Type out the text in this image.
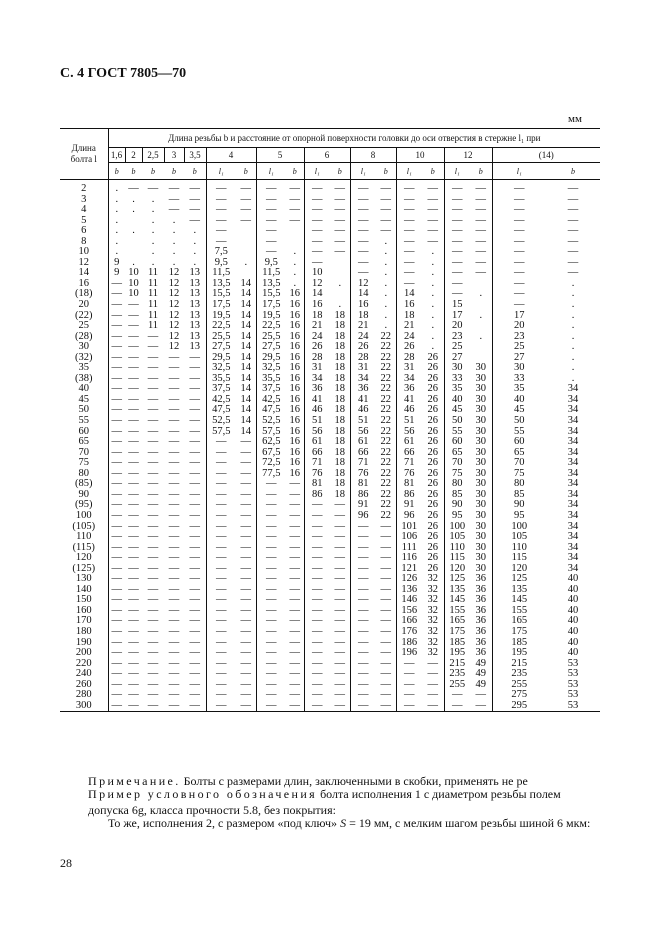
С. 4 ГОСТ 7805—70
мм
Длина
болта l	Длина резьбы b и расстояние от опорной поверхности головки до оси отверстия в стержне l₁ при																		
	1,6	2	2,5	3	3,5	4		5		6		8		10		12		(14)	
	b	b	b	b	b	l₁	b	l₁	b	l₁	b	l₁	b	l₁	b	l₁	b	l₁	b
2	.	—	—	—	—	—	—	—	—	—	—	—	—	—	—	—	—	—	—
3	.	.	.	—	—	—	—	—	—	—	—	—	—	—	—	—	—	—	—
4	.	.	.	—	—	—	—	—	—	—	—	—	—	—	—	—	—	—	—
5	.		.	.	—	—	—	—	—	—	—	—	—	—	—	—	—	—	—
6	.	.	.	.	.	—		—		—	—	—	—	—	—	—	—	—	—
8	.		.	.	.	—		—		—	—	—	.	—	—	—	—	—	—
10	.		.	.	.	7,5		—	.	—	—	—	.	—	.	—	—	—	—
12	9	.	.	.	.	9,5	.	9,5	.	—		—	.	—	.	—	—	—	—
14	9	10	11	12	13	11,5		11,5	.	10		—	.	—	.	—	—	—	—
16	—	10	11	12	13	13,5	14	13,5	.	12	.	12	.	—	.	—		—	.
(18)	—	10	11	12	13	15,5	14	15,5	16	14		14	.	14	.	—	.	—	.
20	—	—	11	12	13	17,5	14	17,5	16	16	.	16	.	16	.	15		—	.
(22)	—	—	11	12	13	19,5	14	19,5	16	18	18	18	.	18	.	17	.	17	.
25	—	—	11	12	13	22,5	14	22,5	16	21	18	21	.	21	.	20		20	.
(28)	—	—	—	12	13	25,5	14	25,5	16	24	18	24	22	24	.	23	.	23	.
30	—	—	—	12	13	27,5	14	27,5	16	26	18	26	22	26	.	25		25	.
(32)	—	—	—	—	—	29,5	14	29,5	16	28	18	28	22	28	26	27		27	.
35	—	—	—	—	—	32,5	14	32,5	16	31	18	31	22	31	26	30	30	30	.
(38)	—	—	—	—	—	35,5	14	35,5	16	34	18	34	22	34	26	33	30	33	.
40	—	—	—	—	—	37,5	14	37,5	16	36	18	36	22	36	26	35	30	35	34
45	—	—	—	—	—	42,5	14	42,5	16	41	18	41	22	41	26	40	30	40	34
50	—	—	—	—	—	47,5	14	47,5	16	46	18	46	22	46	26	45	30	45	34
55	—	—	—	—	—	52,5	14	52,5	16	51	18	51	22	51	26	50	30	50	34
60	—	—	—	—	—	57,5	14	57,5	16	56	18	56	22	56	26	55	30	55	34
65	—	—	—	—	—	—	—	62,5	16	61	18	61	22	61	26	60	30	60	34
70	—	—	—	—	—	—	—	67,5	16	66	18	66	22	66	26	65	30	65	34
75	—	—	—	—	—	—	—	72,5	16	71	18	71	22	71	26	70	30	70	34
80	—	—	—	—	—	—	—	77,5	16	76	18	76	22	76	26	75	30	75	34
(85)	—	—	—	—	—	—	—	—	—	81	18	81	22	81	26	80	30	80	34
90	—	—	—	—	—	—	—	—	—	86	18	86	22	86	26	85	30	85	34
(95)	—	—	—	—	—	—	—	—	—	—	—	91	22	91	26	90	30	90	34
100	—	—	—	—	—	—	—	—	—	—	—	96	22	96	26	95	30	95	34
(105)	—	—	—	—	—	—	—	—	—	—	—	—	—	101	26	100	30	100	34
110	—	—	—	—	—	—	—	—	—	—	—	—	—	106	26	105	30	105	34
(115)	—	—	—	—	—	—	—	—	—	—	—	—	—	111	26	110	30	110	34
120	—	—	—	—	—	—	—	—	—	—	—	—	—	116	26	115	30	115	34
(125)	—	—	—	—	—	—	—	—	—	—	—	—	—	121	26	120	30	120	34
130	—	—	—	—	—	—	—	—	—	—	—	—	—	126	32	125	36	125	40
140	—	—	—	—	—	—	—	—	—	—	—	—	—	136	32	135	36	135	40
150	—	—	—	—	—	—	—	—	—	—	—	—	—	146	32	145	36	145	40
160	—	—	—	—	—	—	—	—	—	—	—	—	—	156	32	155	36	155	40
170	—	—	—	—	—	—	—	—	—	—	—	—	—	166	32	165	36	165	40
180	—	—	—	—	—	—	—	—	—	—	—	—	—	176	32	175	36	175	40
190	—	—	—	—	—	—	—	—	—	—	—	—	—	186	32	185	36	185	40
200	—	—	—	—	—	—	—	—	—	—	—	—	—	196	32	195	36	195	40
220	—	—	—	—	—	—	—	—	—	—	—	—	—	—	—	215	49	215	53
240	—	—	—	—	—	—	—	—	—	—	—	—	—	—	—	235	49	235	53
260	—	—	—	—	—	—	—	—	—	—	—	—	—	—	—	255	49	255	53
280	—	—	—	—	—	—	—	—	—	—	—	—	—	—	—	—	—	275	53
300	—	—	—	—	—	—	—	—	—	—	—	—	—	—	—	—	—	295	53
Примечание. Болты с размерами длин, заключенными в скобки, применять не ре
Пример условного обозначения болта исполнения 1 с диаметром резьбы полем допуска 6g, класса прочности 5.8, без покрытия:
То же, исполнения 2, с размером «под ключ» S = 19 мм, с мелким шагом резьбы шиной 6 мкм:
28
